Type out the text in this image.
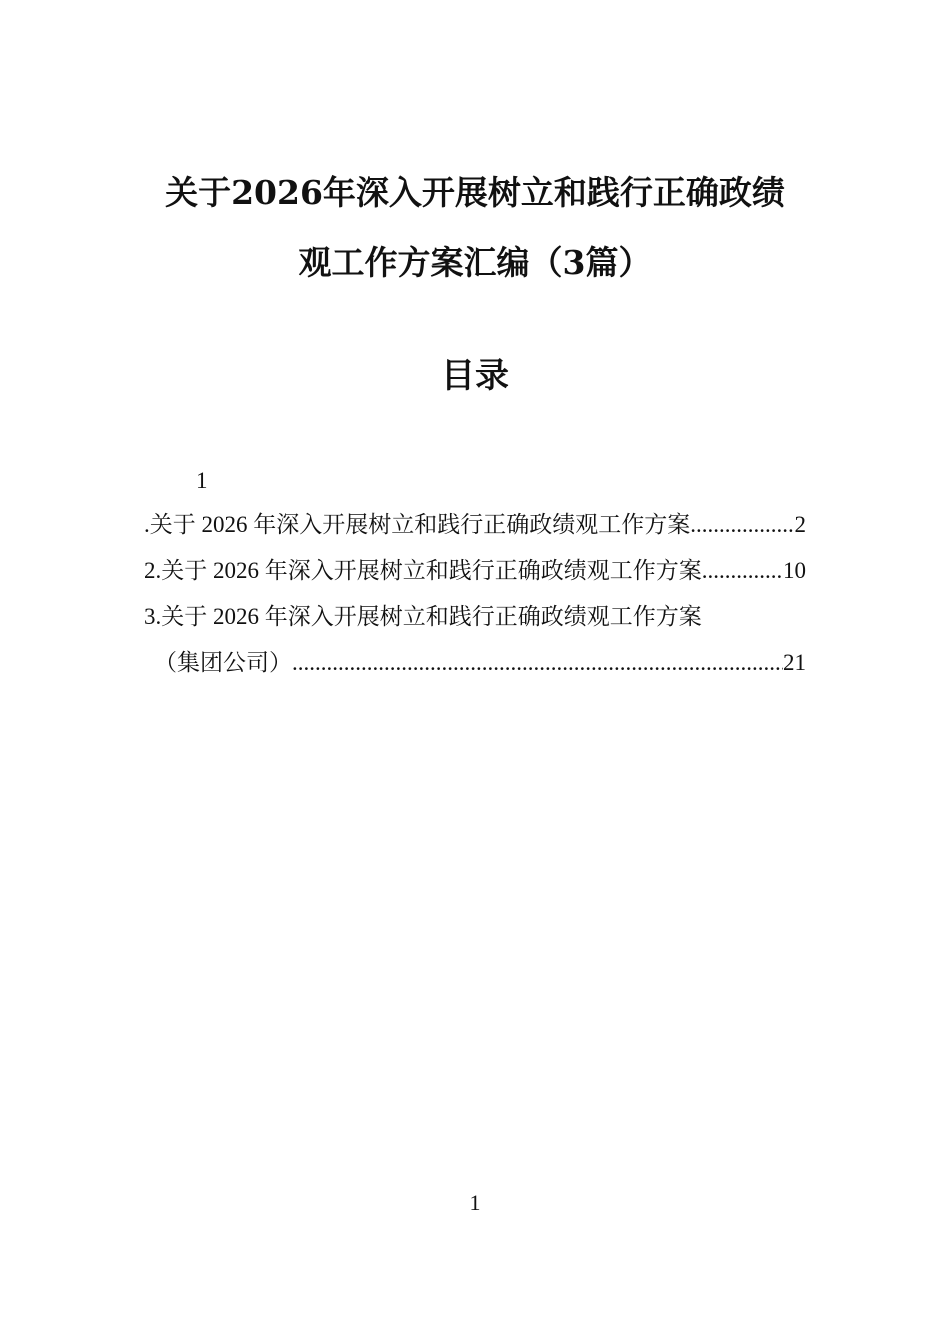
关于2026年深入开展树立和践行正确政绩
观工作方案汇编（3篇）
目录
1
.关于 2026 年深入开展树立和践行正确政绩观工作方案 .....	2
2.关于 2026 年深入开展树立和践行正确政绩观工作方案 .....	10
3.关于 2026 年深入开展树立和践行正确政绩观工作方案
（集团公司） .....	21
1
